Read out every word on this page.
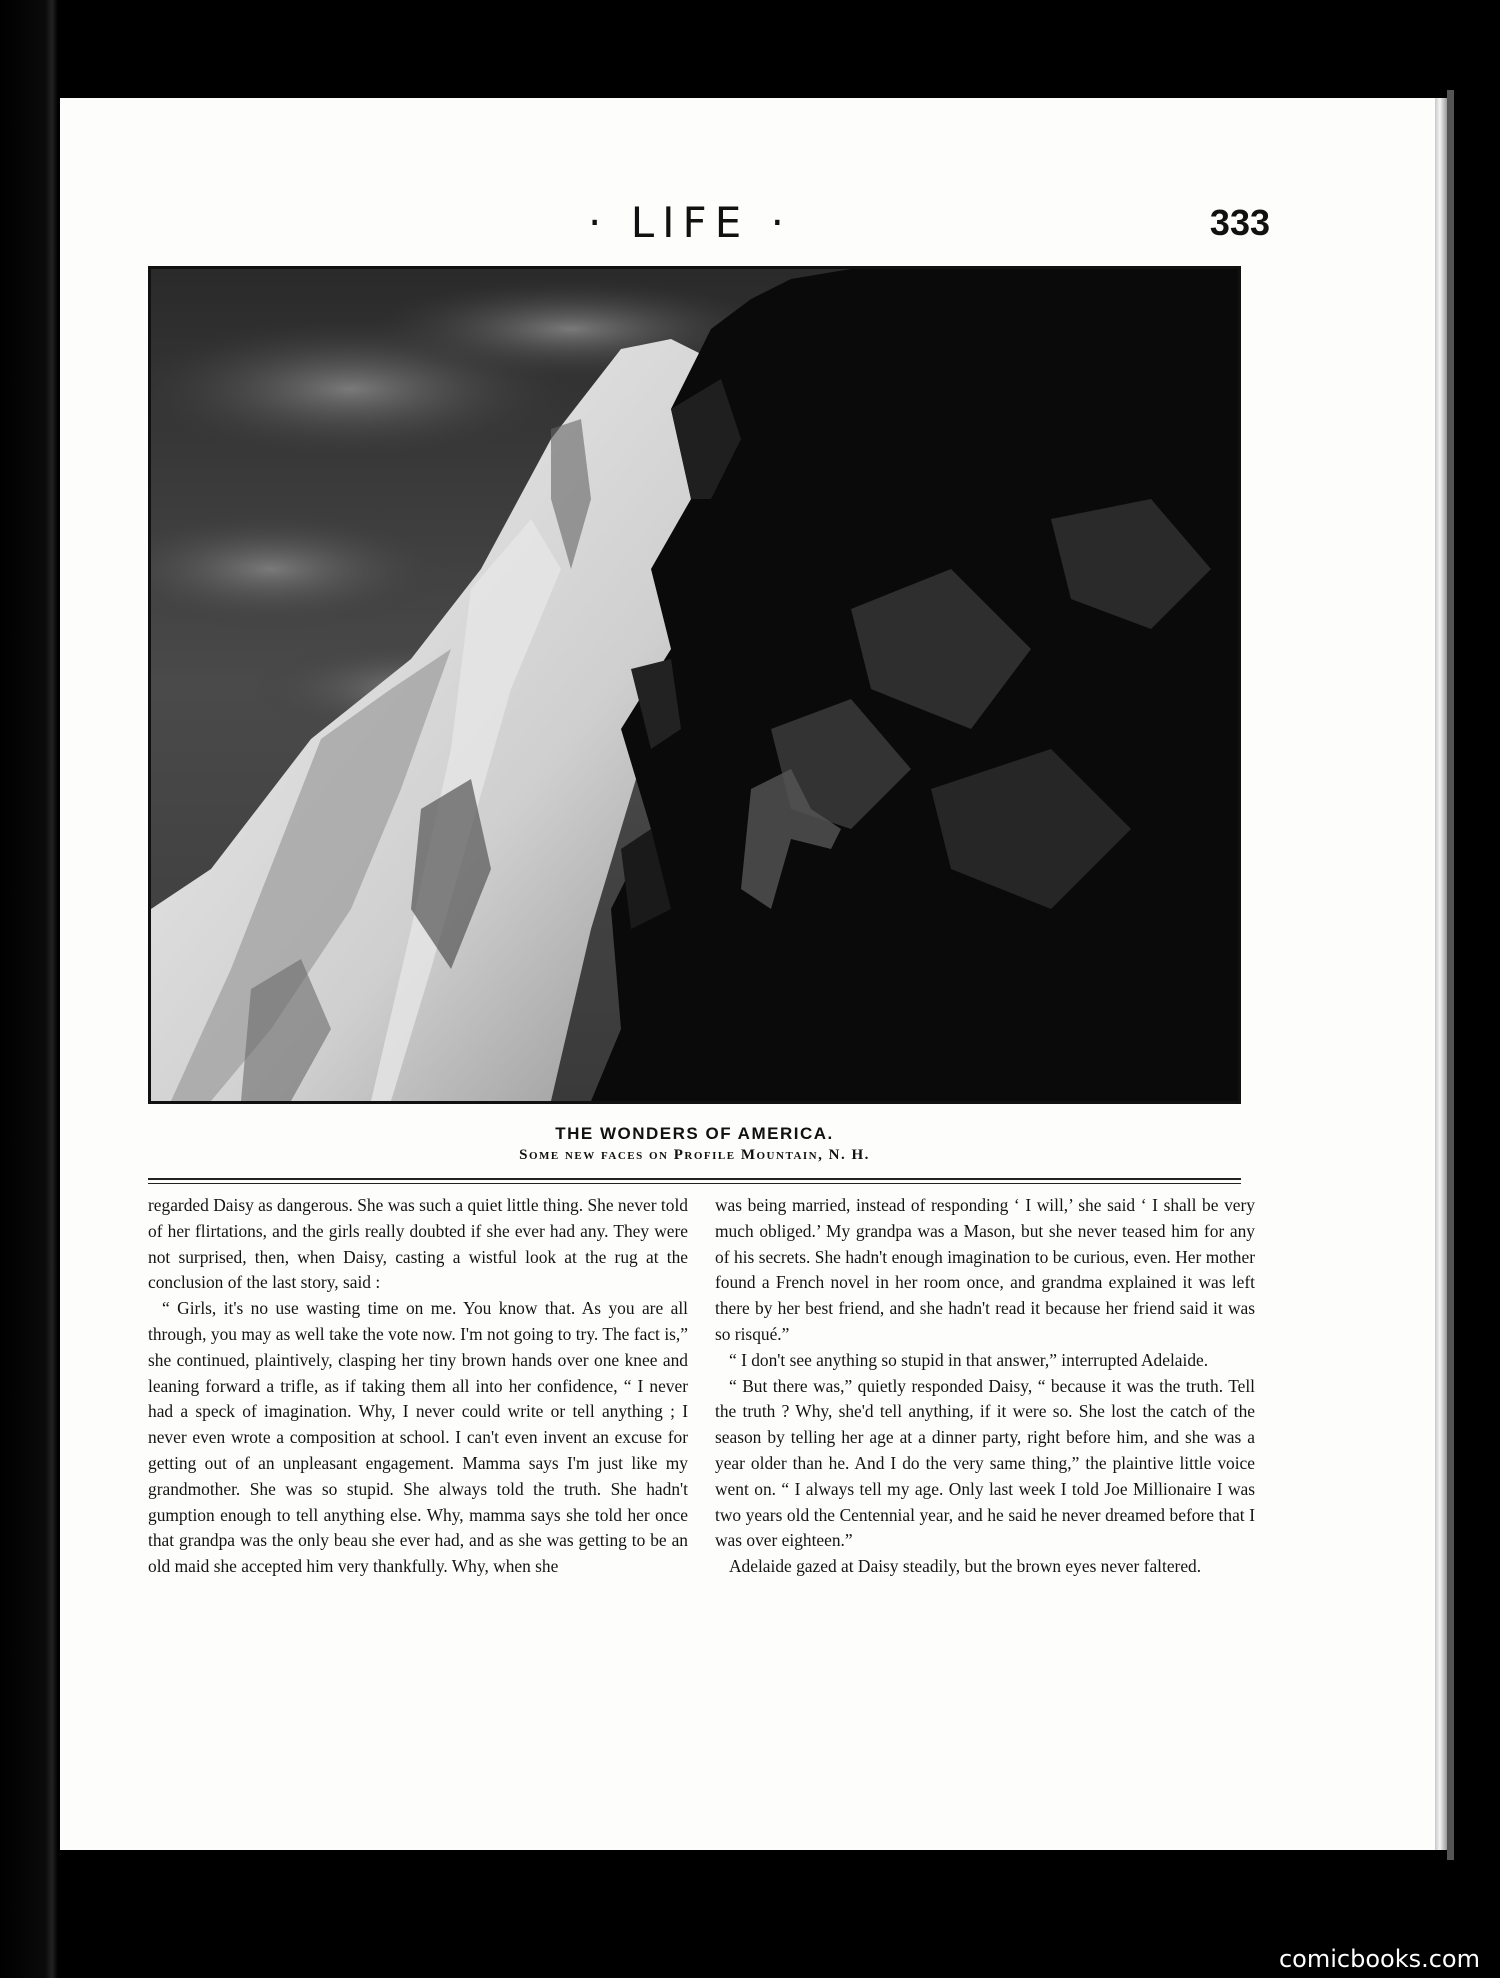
· LIFE ·	333
THE WONDERS OF AMERICA.
Some new faces on Profile Mountain, N. H.

regarded Daisy as dangerous. She was such a quiet little thing. She never told of her flirtations, and the girls really doubted if she ever had any. They were not surprised, then, when Daisy, casting a wistful look at the rug at the conclusion of the last story, said :

“ Girls, it's no use wasting time on me. You know that. As you are all through, you may as well take the vote now. I'm not going to try. The fact is,” she continued, plaintively, clasping her tiny brown hands over one knee and leaning forward a trifle, as if taking them all into her confidence, “ I never had a speck of imagination. Why, I never could write or tell anything ; I never even wrote a composition at school. I can't even invent an excuse for getting out of an unpleasant engagement. Mamma says I'm just like my grandmother. She was so stupid. She always told the truth. She hadn't gumption enough to tell anything else. Why, mamma says she told her once that grandpa was the only beau she ever had, and as she was getting to be an old maid she accepted him very thankfully. Why, when she

was being married, instead of responding ‘ I will,’ she said ‘ I shall be very much obliged.’ My grandpa was a Mason, but she never teased him for any of his secrets. She hadn't enough imagination to be curious, even. Her mother found a French novel in her room once, and grandma explained it was left there by her best friend, and she hadn't read it because her friend said it was so risqué.”

“ I don't see anything so stupid in that answer,” interrupted Adelaide.

“ But there was,” quietly responded Daisy, “ because it was the truth. Tell the truth ? Why, she'd tell anything, if it were so. She lost the catch of the season by telling her age at a dinner party, right before him, and she was a year older than he. And I do the very same thing,” the plaintive little voice went on. “ I always tell my age. Only last week I told Joe Millionaire I was two years old the Centennial year, and he said he never dreamed before that I was over eighteen.”

Adelaide gazed at Daisy steadily, but the brown eyes never faltered.

comicbooks.com
